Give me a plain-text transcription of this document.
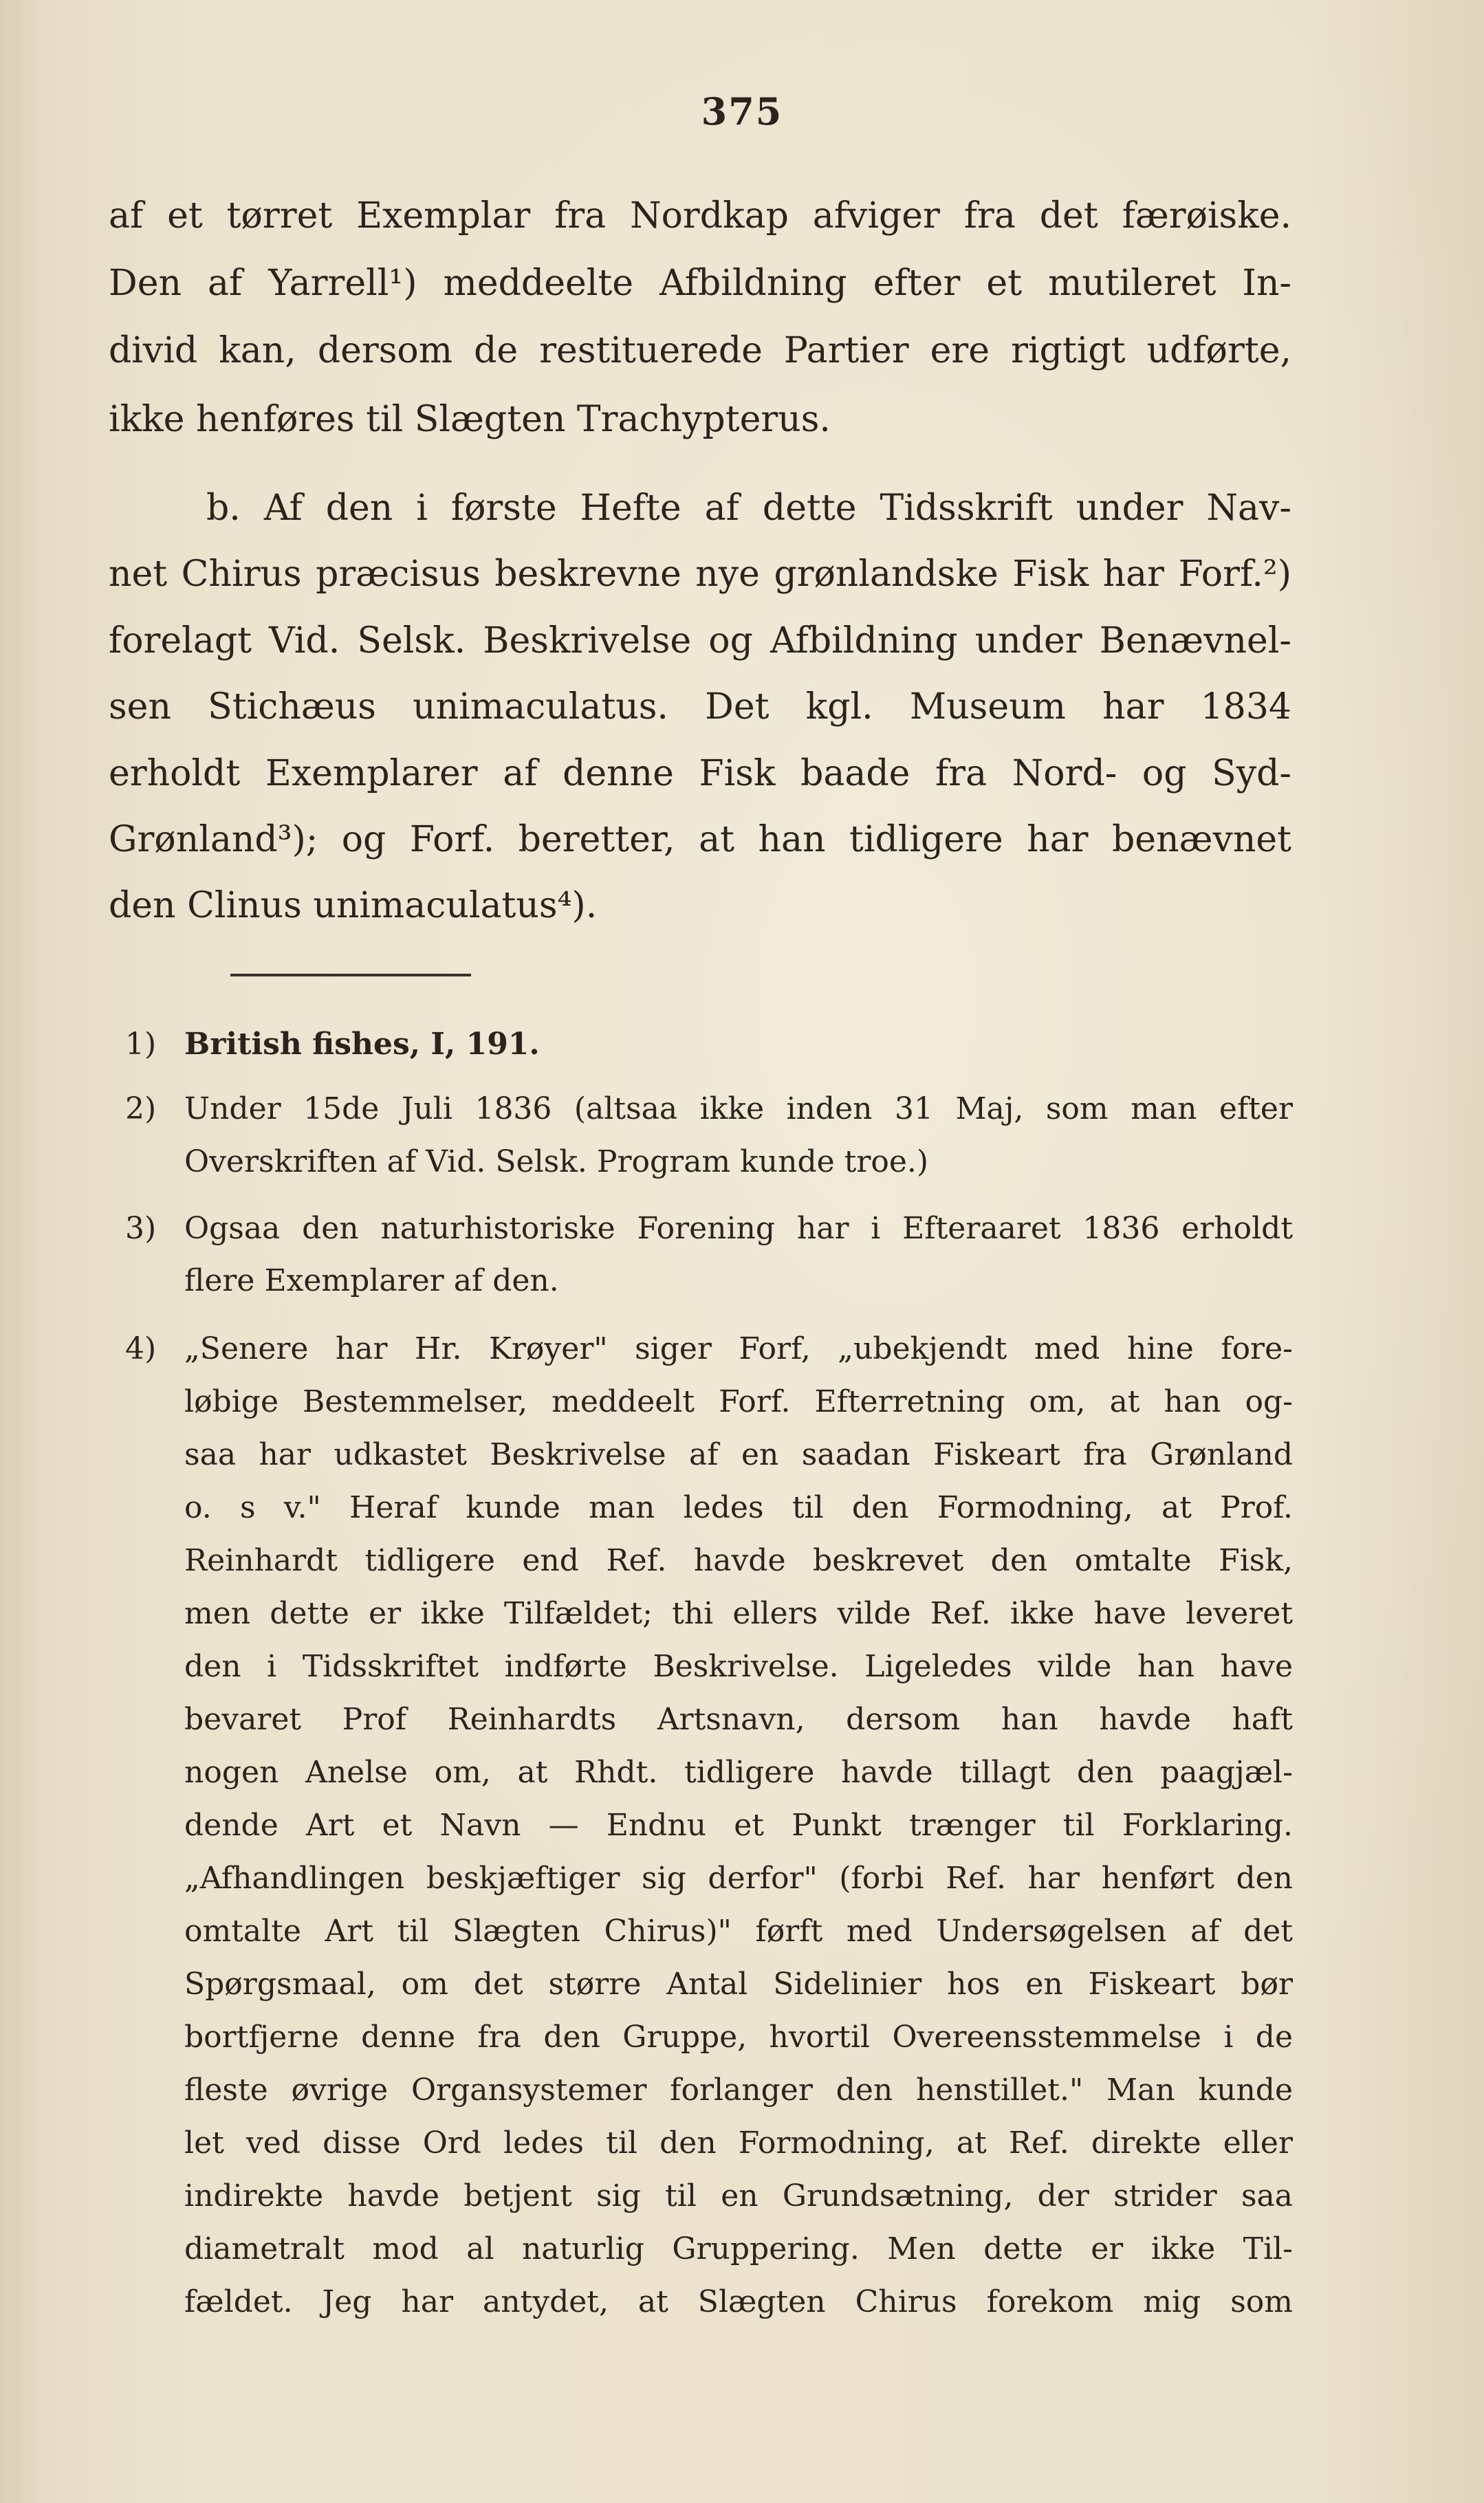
375
af et tørret Exemplar fra Nordkap afviger fra det færøiske.
Den af Yarrell¹) meddeelte Afbildning efter et mutileret In-
divid kan, dersom de restituerede Partier ere rigtigt udførte,
ikke henføres til Slægten Trachypterus.
b. Af den i første Hefte af dette Tidsskrift under Nav-
net Chirus præcisus beskrevne nye grønlandske Fisk har Forf.²)
forelagt Vid. Selsk. Beskrivelse og Afbildning under Benævnel-
sen Stichæus unimaculatus. Det kgl. Museum har 1834
erholdt Exemplarer af denne Fisk baade fra Nord- og Syd-
Grønland³); og Forf. beretter, at han tidligere har benævnet
den Clinus unimaculatus⁴).
1) British fishes, I, 191.
2) Under 15de Juli 1836 (altsaa ikke inden 31 Maj, som man efter
Overskriften af Vid. Selsk. Program kunde troe.)
3) Ogsaa den naturhistoriske Forening har i Efteraaret 1836 erholdt
flere Exemplarer af den.
4) „Senere har Hr. Krøyer" siger Forf, „ubekjendt med hine fore-
løbige Bestemmelser, meddeelt Forf. Efterretning om, at han og-
saa har udkastet Beskrivelse af en saadan Fiskeart fra Grønland
o. s v." Heraf kunde man ledes til den Formodning, at Prof.
Reinhardt tidligere end Ref. havde beskrevet den omtalte Fisk,
men dette er ikke Tilfældet; thi ellers vilde Ref. ikke have leveret
den i Tidsskriftet indførte Beskrivelse. Ligeledes vilde han have
bevaret Prof Reinhardts Artsnavn, dersom han havde haft
nogen Anelse om, at Rhdt. tidligere havde tillagt den paagjæl-
dende Art et Navn — Endnu et Punkt trænger til Forklaring.
„Afhandlingen beskjæftiger sig derfor" (forbi Ref. har henført den
omtalte Art til Slægten Chirus)" førft med Undersøgelsen af det
Spørgsmaal, om det større Antal Sidelinier hos en Fiskeart bør
bortfjerne denne fra den Gruppe, hvortil Overeensstemmelse i de
fleste øvrige Organsystemer forlanger den henstillet." Man kunde
let ved disse Ord ledes til den Formodning, at Ref. direkte eller
indirekte havde betjent sig til en Grundsætning, der strider saa
diametralt mod al naturlig Gruppering. Men dette er ikke Til-
fældet. Jeg har antydet, at Slægten Chirus forekom mig som
